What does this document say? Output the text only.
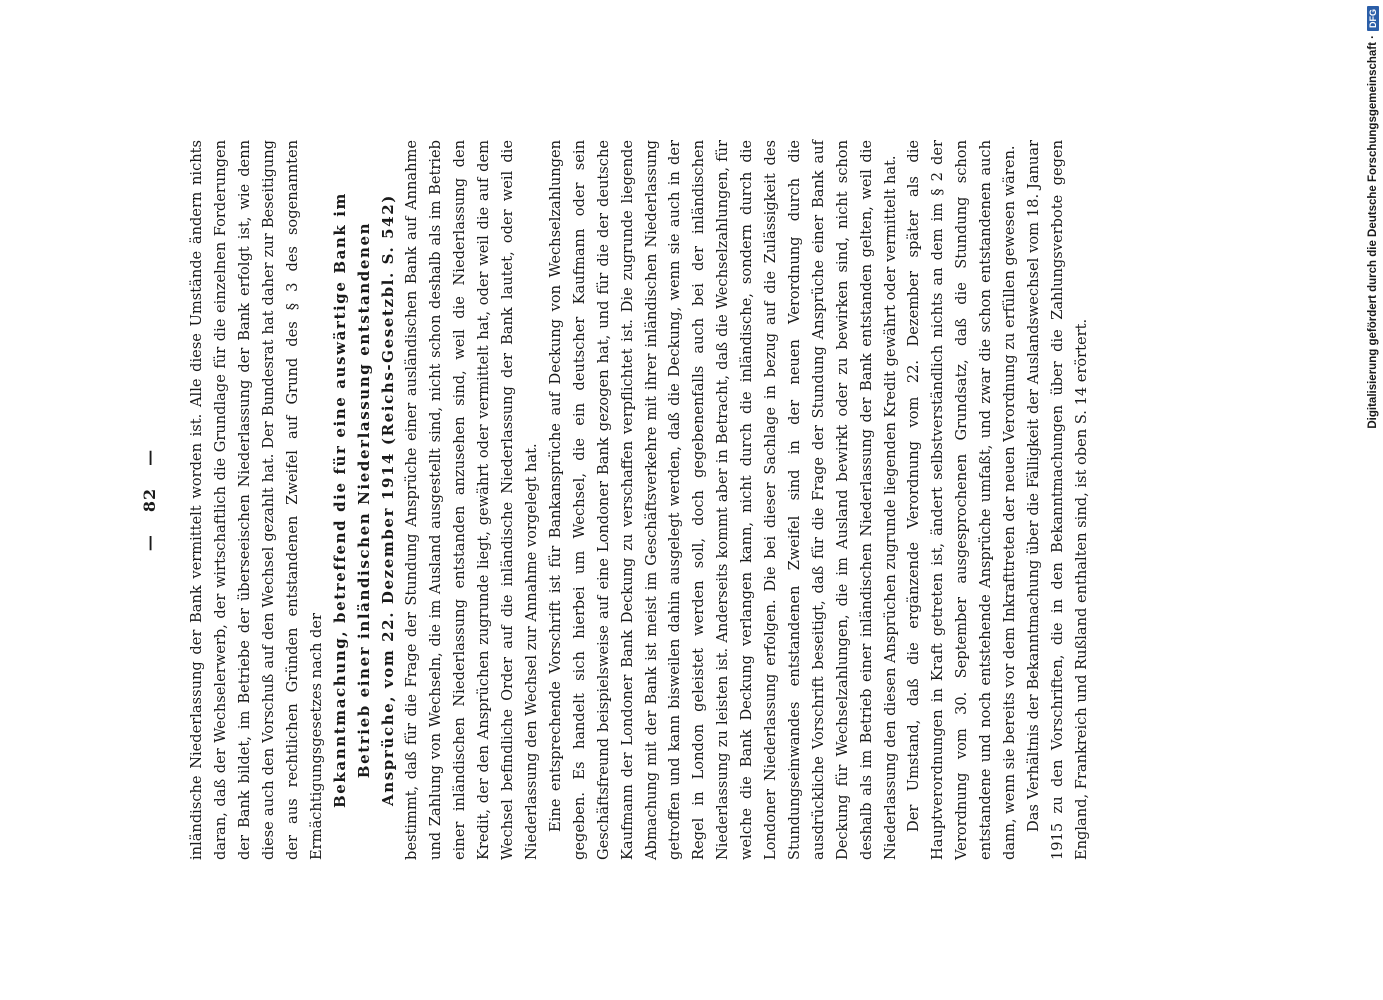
—
82
— inländische Niederlassung der Bank vermittelt worden ist. Alle diese Umstände ändern nichts daran, daß der Wechselerwerb, der wirtschaftlich die Grundlage für die einzelnen Forderungen der Bank bildet, im Betriebe der überseeischen Niederlassung der Bank erfolgt ist, wie denn diese auch den Vorschuß auf den Wechsel gezahlt hat. Der Bundesrat hat daher zur Beseitigung der aus rechtlichen Gründen entstandenen Zweifel auf Grund des § 3 des sogenannten Ermächtigungsgesetzes nach der Bekanntmachung, betreffend die für eine auswärtige Bank im Betrieb einer inländischen Niederlassung entstandenen Ansprüche, vom 22. Dezember 1914 (Reichs-Gesetzbl. S. 542) bestimmt, daß für die Frage der Stundung Ansprüche einer ausländischen Bank auf Annahme und Zahlung von Wechseln, die im Ausland ausgestellt sind, nicht schon deshalb als im Betrieb einer inländischen Niederlassung entstanden anzusehen sind, weil die Niederlassung den Kredit, der den Ansprüchen zugrunde liegt, gewährt oder vermittelt hat, oder weil die auf dem Wechsel befindliche Order auf die inländische Niederlassung der Bank lautet, oder weil die Niederlassung den Wechsel zur Annahme vorgelegt hat. Eine entsprechende Vorschrift ist für Bankansprüche auf Deckung von Wechselzahlungen gegeben. Es handelt sich hierbei um Wechsel, die ein deutscher Kaufmann oder sein Geschäftsfreund beispielsweise auf eine Londoner Bank gezogen hat, und für die der deutsche Kaufmann der Londoner Bank Deckung zu verschaffen verpflichtet ist. Die zugrunde liegende Abmachung mit der Bank ist meist im Geschäftsverkehre mit ihrer inländischen Niederlassung getroffen und kann bisweilen dahin ausgelegt werden, daß die Deckung, wenn sie auch in der Regel in London geleistet werden soll, doch gegebenenfalls auch bei der inländischen Niederlassung zu leisten ist. Anderseits kommt aber in Betracht, daß die Wechselzahlungen, für welche die Bank Deckung verlangen kann, nicht durch die inländische, sondern durch die Londoner Niederlassung erfolgen. Die bei dieser Sachlage in bezug auf die Zulässigkeit des Stundungseinwandes entstandenen Zweifel sind in der neuen Verordnung durch die ausdrückliche Vorschrift beseitigt, daß für die Frage der Stundung Ansprüche einer Bank auf Deckung für Wechselzahlungen, die im Ausland bewirkt oder zu bewirken sind, nicht schon deshalb als im Betrieb einer inländischen Niederlassung der Bank entstanden gelten, weil die Niederlassung den diesen Ansprüchen zugrunde liegenden Kredit gewährt oder vermittelt hat. Der Umstand, daß die ergänzende Verordnung vom 22. Dezember später als die Hauptverordnungen in Kraft getreten ist, ändert selbstverständlich nichts an dem im § 2 der Verordnung vom 30. September ausgesprochenen Grundsatz, daß die Stundung schon entstandene und noch entstehende Ansprüche umfaßt, und zwar die schon entstandenen auch dann, wenn sie bereits vor dem Inkrafttreten der neuen Verordnung zu erfüllen gewesen wären. Das Verhältnis der Bekanntmachung über die Fälligkeit der Auslandswechsel vom 18. Januar 1915 zu den Vorschriften, die in den Bekanntmachungen über die Zahlungsverbote gegen England, Frankreich und Rußland enthalten sind, ist oben S. 14 erörtert.

Digitalisierung gefördert durch die Deutsche Forschungsgemeinschaft ·
DFG
